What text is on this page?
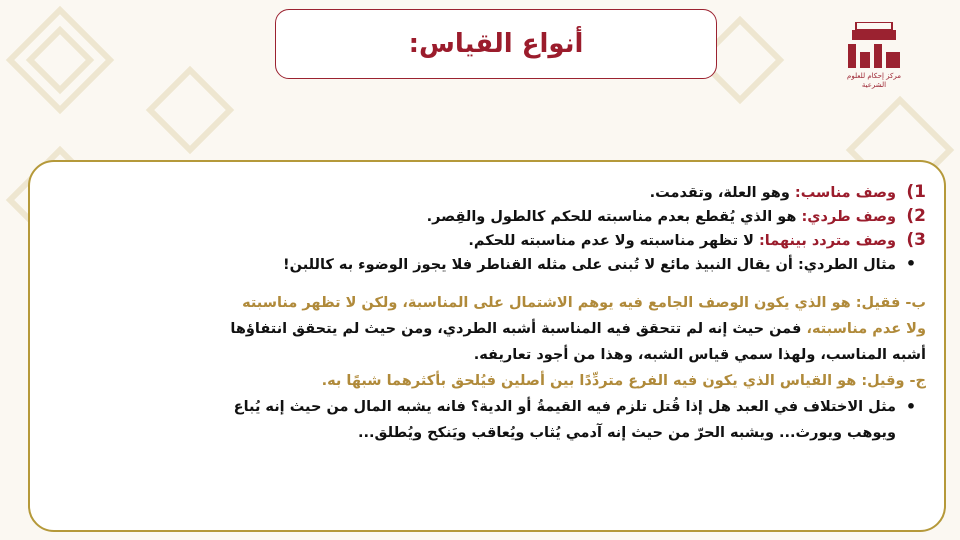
أنواع القياس:
مركز إحكام للعلوم الشرعية
1)
وصف مناسب: وهو العلة، وتقدمت.
2)
وصف طردي: هو الذي يُقطع بعدم مناسبته للحكم كالطول والقِصر.
3)
وصف متردد بينهما: لا تظهر مناسبته ولا عدم مناسبته للحكم.
•
مثال الطردي: أن يقال النبيذ مائع لا تُبنى على مثله القناطر فلا يجوز الوضوء به كاللبن!
ب- فقيل: هو الذي يكون الوصف الجامع فيه يوهم الاشتمال على المناسبة، ولكن لا تظهر مناسبته
ولا عدم مناسبته، فمن حيث إنه لم تتحقق فيه المناسبة أشبه الطردي، ومن حيث لم يتحقق انتفاؤها
أشبه المناسب، ولهذا سمي قياس الشبه، وهذا من أجود تعاريفه.
ج- وقيل: هو القياس الذي يكون فيه الفرع متردِّدًا بين أصلين فيُلحق بأكثرهما شبهًا به.
•
مثل الاختلاف في العبد هل إذا قُتل تلزم فيه القيمةُ أو الدية؟ فانه يشبه المال من حيث إنه يُباع
ويوهب ويورث... ويشبه الحرّ من حيث إنه آدمي يُثاب ويُعاقب ويَنكح ويُطلق...
